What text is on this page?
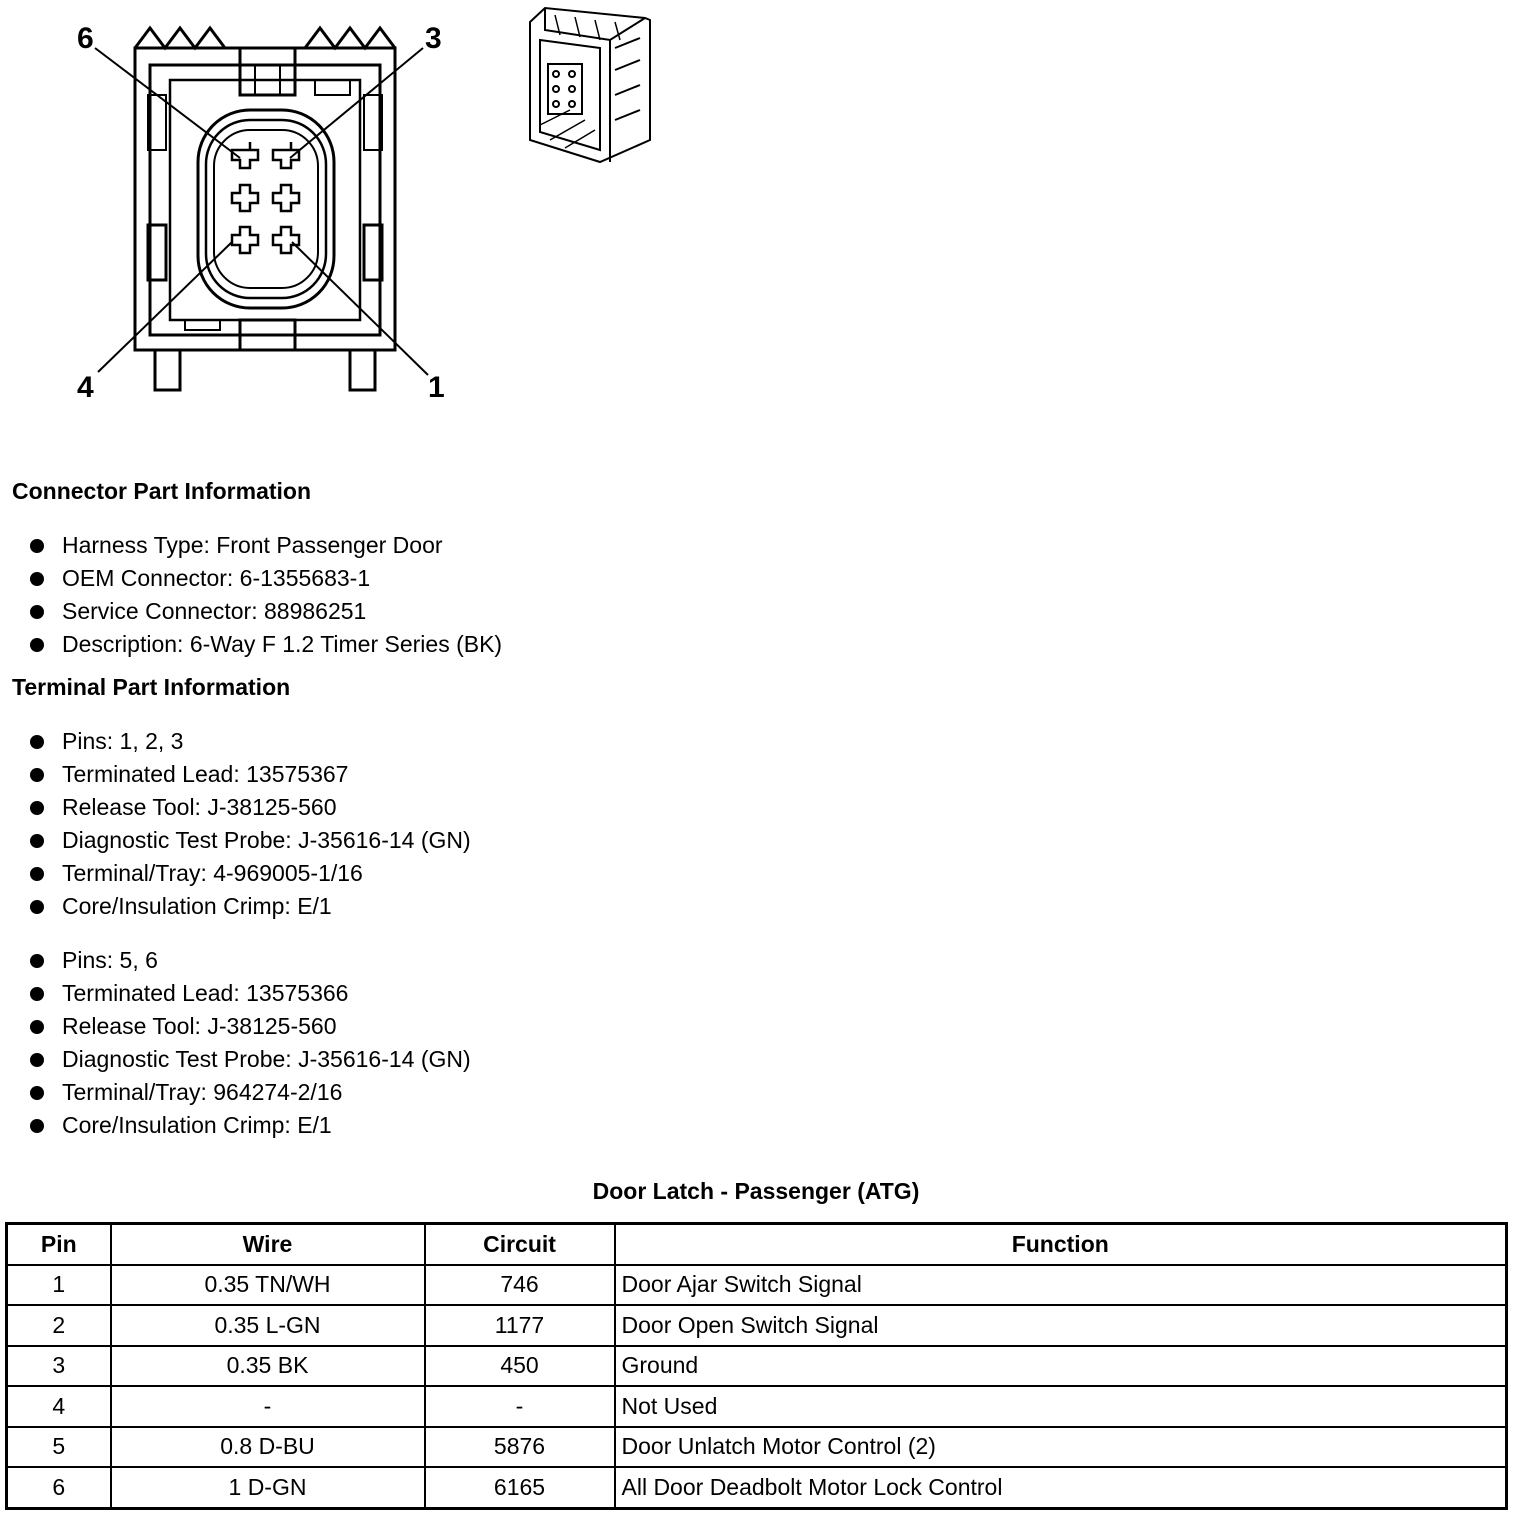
6	3
4	1
Connector Part Information
Harness Type: Front Passenger Door
OEM Connector: 6-1355683-1
Service Connector: 88986251
Description: 6-Way F 1.2 Timer Series (BK)
Terminal Part Information
Pins: 1, 2, 3
Terminated Lead: 13575367
Release Tool: J-38125-560
Diagnostic Test Probe: J-35616-14 (GN)
Terminal/Tray: 4-969005-1/16
Core/Insulation Crimp: E/1
Pins: 5, 6
Terminated Lead: 13575366
Release Tool: J-38125-560
Diagnostic Test Probe: J-35616-14 (GN)
Terminal/Tray: 964274-2/16
Core/Insulation Crimp: E/1
Door Latch - Passenger (ATG)
Pin	Wire	Circuit	Function
1	0.35 TN/WH	746	Door Ajar Switch Signal
2	0.35 L-GN	1177	Door Open Switch Signal
3	0.35 BK	450	Ground
4	-	-	Not Used
5	0.8 D-BU	5876	Door Unlatch Motor Control (2)
6	1 D-GN	6165	All Door Deadbolt Motor Lock Control
